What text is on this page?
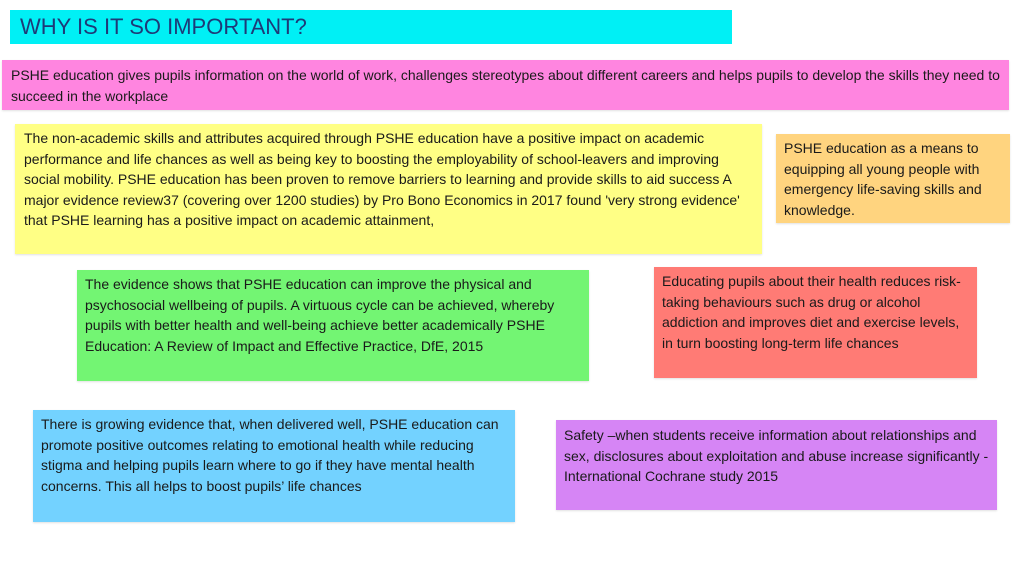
WHY IS IT SO IMPORTANT?
PSHE education gives pupils information on the world of work, challenges stereotypes about different careers and helps pupils to develop the skills they need to succeed in the workplace
The non-academic skills and attributes acquired through PSHE education have a positive impact on academic performance and life chances as well as being key to boosting the employability of school-leavers and improving social mobility. PSHE education has been proven to remove barriers to learning and provide skills to aid success A major evidence review37 (covering over 1200 studies) by Pro Bono Economics in 2017 found 'very strong evidence' that PSHE learning has a positive impact on academic attainment,
PSHE education as a means to equipping all young people with emergency life-saving skills and knowledge.
The evidence shows that PSHE education can improve the physical and psychosocial wellbeing of pupils. A virtuous cycle can be achieved, whereby pupils with better health and well-being achieve better academically PSHE Education: A Review of Impact and Effective Practice, DfE, 2015
Educating pupils about their health reduces risk-taking behaviours such as drug or alcohol addiction and improves diet and exercise levels, in turn boosting long-term life chances
There is growing evidence that, when delivered well, PSHE education can promote positive outcomes relating to emotional health while reducing stigma and helping pupils learn where to go if they have mental health concerns. This all helps to boost pupils’ life chances
Safety –when students receive information about relationships and sex, disclosures about exploitation and abuse increase significantly - International Cochrane study 2015
